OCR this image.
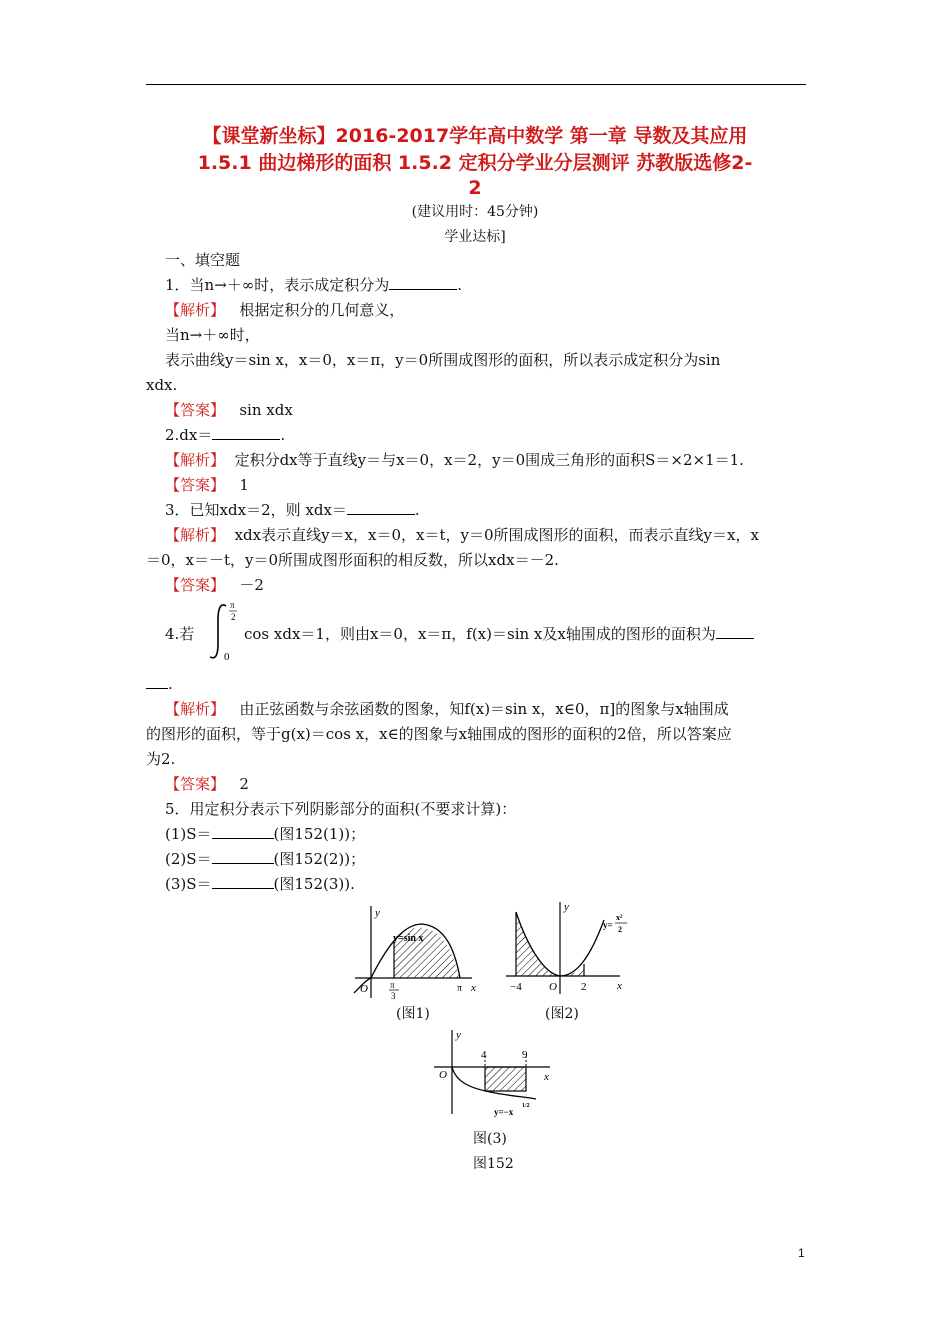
【课堂新坐标】2016-2017学年高中数学 第一章 导数及其应用
1.5.1 曲边梯形的面积 1.5.2 定积分学业分层测评 苏教版选修2-
2
(建议用时：45分钟)
学业达标]
一、填空题
1．当n→＋∞时，表示成定积分为	.
【解析】 根据定积分的几何意义，
当n→＋∞时，
表示曲线y＝sin x，x＝0，x＝π，y＝0所围成图形的面积，所以表示成定积分为sin
xdx.
【答案】 sin xdx
2.dx＝	.
【解析】 定积分dx等于直线y＝与x＝0，x＝2，y＝0围成三角形的面积S＝×2×1＝1.
【答案】 1
3．已知xdx＝2，则 xdx＝	.
【解析】 xdx表示直线y＝x，x＝0，x＝t，y＝0所围成图形的面积，而表示直线y＝x，x
＝0，x＝－t，y＝0所围成图形面积的相反数，所以xdx＝－2.
【答案】 －2
4.若
π
2
0
cos xdx＝1，则由x＝0，x＝π，f(x)＝sin x及x轴围成的图形的面积为
.
【解析】 由正弦函数与余弦函数的图象，知f(x)＝sin x，x∈0，π]的图象与x轴围成
的图形的面积，等于g(x)＝cos x，x∈的图象与x轴围成的图形的面积的2倍，所以答案应
为2.
【答案】 2
5．用定积分表示下列阴影部分的面积(不要求计算)：
(1)S＝	(图152(1))；
(2)S＝	(图152(2))；
(3)S＝	(图152(3)).
y
x
O
y=sin x
π
3
π
(图1)
y
x
O
−4	2
y=
x²
2
(图2)
y
x
O
4	9
y=−x
1/2
图(3)
图152
1
